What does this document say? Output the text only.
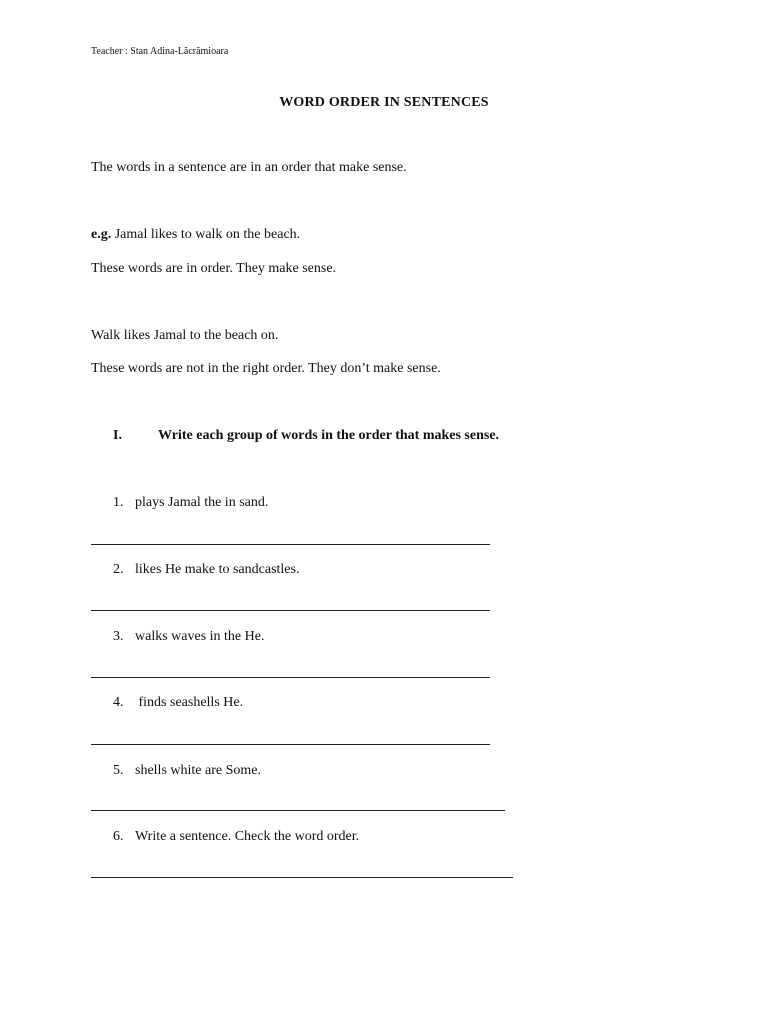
Teacher : Stan Adina-Lăcrămioara
WORD ORDER IN SENTENCES
The words in a sentence are in an order that make sense.
e.g. Jamal likes to walk on the beach.
These words are in order. They make sense.
Walk likes Jamal to the beach on.
These words are not in the right order. They don’t make sense.
I.	Write each group of words in the order that makes sense.
1. plays Jamal the in sand.
2. likes He make to sandcastles.
3. walks waves in the He.
4. finds seashells He.
5. shells white are Some.
6. Write a sentence. Check the word order.
